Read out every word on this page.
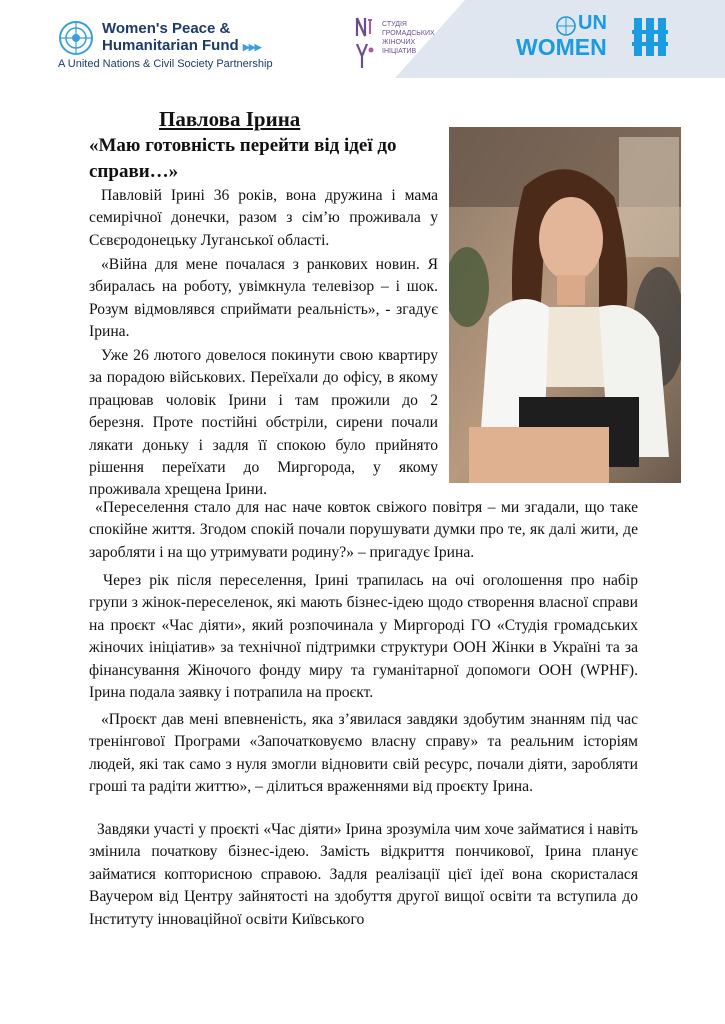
Women's Peace &
Humanitarian Fund ▶▶▶
A United Nations & Civil Society Partnership
СТУДІЯ
ГРОМАДСЬКИХ
ЖІНОЧИХ
ІНІЦІАТИВ
UN
WOMEN
Павлова Ірина
«Маю готовність перейти від ідеї до справи…»
Павловій Ірині 36 років, вона дружина і мама семирічної донечки, разом з сім’ю проживала у Сєвєродонецьку Луганської області.
«Війна для мене почалася з ранкових новин. Я збиралась на роботу, увімкнула телевізор – і шок. Розум відмовлявся сприймати реальність», - згадує Ірина.
Уже 26 лютого довелося покинути свою квартиру за порадою військових. Переїхали до офісу, в якому працював чоловік Ірини і там прожили до 2 березня. Проте постійні обстріли, сирени почали лякати доньку і задля її спокою було прийнято рішення переїхати до Миргорода, у якому проживала хрещена Ірини.
«Переселення стало для нас наче ковток свіжого повітря – ми згадали, що таке спокійне життя. Згодом спокій почали порушувати думки про те, як далі жити, де заробляти і на що утримувати родину?» – пригадує Ірина.
Через рік після переселення, Ірині трапилась на очі оголошення про набір групи з жінок-переселенок, які мають бізнес-ідею щодо створення власної справи на проєкт «Час діяти», який розпочинала у Миргороді ГО «Студія громадських жіночих ініціатив» за технічної підтримки структури ООН Жінки в Україні та за фінансування Жіночого фонду миру та гуманітарної допомоги ООН (WPHF). Ірина подала заявку і потрапила на проєкт.
«Проєкт дав мені впевненість, яка з’явилася завдяки здобутим знанням під час тренінгової Програми «Започатковуємо власну справу» та реальним історіям людей, які так само з нуля змогли відновити свій ресурс, почали діяти, заробляти гроші та радіти життю», – ділиться враженнями від проєкту Ірина.
Завдяки участі у проєкті «Час діяти» Ірина зрозуміла чим хоче займатися і навіть змінила початкову бізнес-ідею. Замість відкриття пончикової, Ірина планує займатися копторисною справою. Задля реалізації цієї ідеї вона скористалася Ваучером від Центру зайнятості на здобуття другої вищої освіти та вступила до Інституту інноваційної освіти Київського
